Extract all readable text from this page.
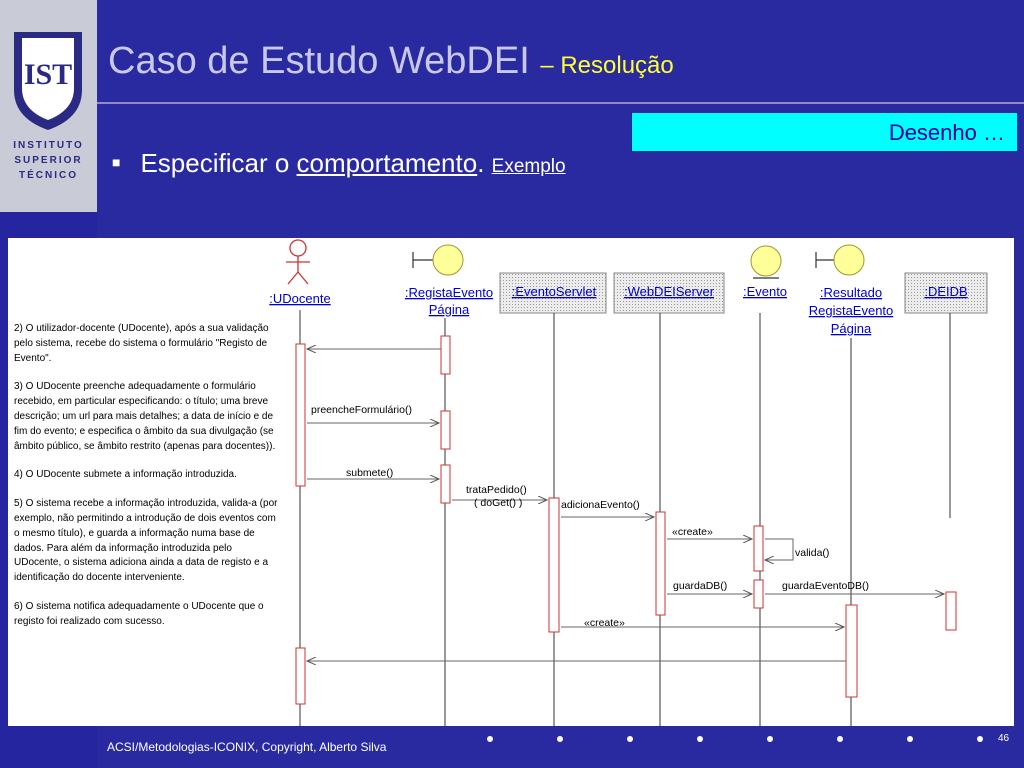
IST
INSTITUTO
SUPERIOR
TÉCNICO
Caso de Estudo WebDEI – Resolução
Desenho …
■ Especificar o comportamento. Exemplo
:UDocente	:RegistaEvento
Página
:EventoServlet :WebDEIServer :Evento	:Resultado
RegistaEvento
Página
:DEIDB
preencheFormulário()
submete()
trataPedido()
( doGet() )	adicionaEvento()
«create»
valida()
guardaDB()	guardaEventoDB()
«create»

2) O utilizador-docente (UDocente), após a sua validação pelo sistema, recebe do sistema o formulário "Registo de Evento".

3) O UDocente preenche adequadamente o formulário recebido, em particular especificando: o título; uma breve descrição; um url para mais detalhes; a data de início e de fim do evento; e especifica o âmbito da sua divulgação (se âmbito público, se âmbito restrito (apenas para docentes)).

4) O UDocente submete a informação introduzida.

5) O sistema recebe a informação introduzida, valida-a (por exemplo, não permitindo a introdução de dois eventos com o mesmo título), e guarda a informação numa base de dados. Para além da informação introduzida pelo UDocente, o sistema adiciona ainda a data de registo e a identificação do docente interveniente.

6) O sistema notifica adequadamente o UDocente que o registo foi realizado com sucesso.

ACSI/Metodologias-ICONIX, Copyright, Alberto Silva
46
